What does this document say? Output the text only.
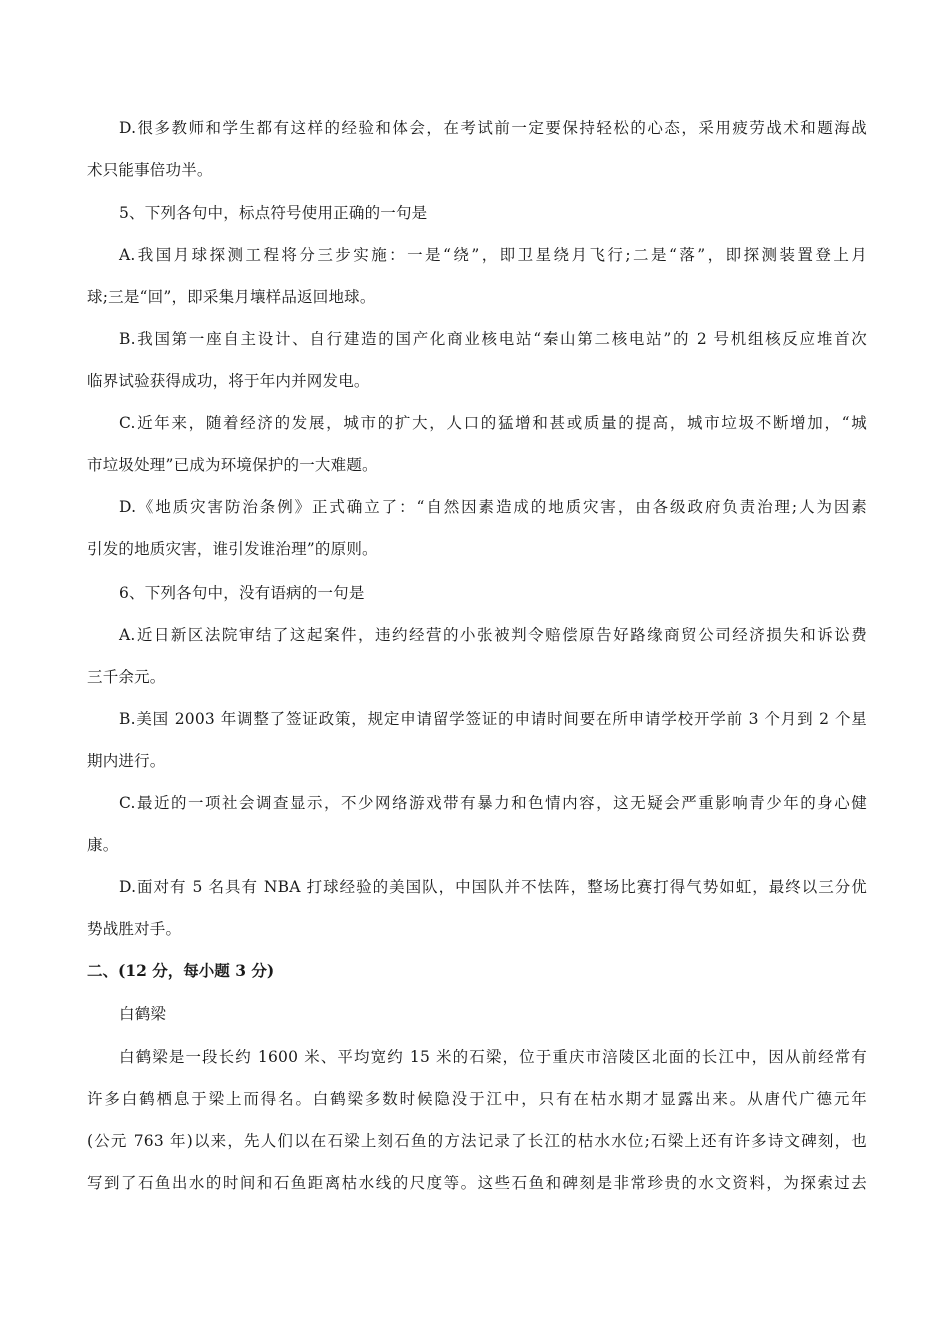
D.很多教师和学生都有这样的经验和体会，在考试前一定要保持轻松的心态，采用疲劳战术和题海战
术只能事倍功半。
5、下列各句中，标点符号使用正确的一句是
A.我国月球探测工程将分三步实施：一是“绕”，即卫星绕月飞行;二是“落”，即探测装置登上月
球;三是“回”，即采集月壤样品返回地球。
B.我国第一座自主设计、自行建造的国产化商业核电站“秦山第二核电站”的 2 号机组核反应堆首次
临界试验获得成功，将于年内并网发电。
C.近年来，随着经济的发展，城市的扩大，人口的猛增和甚或质量的提高，城市垃圾不断增加，“城
市垃圾处理”已成为环境保护的一大难题。
D.《地质灾害防治条例》正式确立了：“自然因素造成的地质灾害，由各级政府负责治理;人为因素
引发的地质灾害，谁引发谁治理”的原则。
6、下列各句中，没有语病的一句是
A.近日新区法院审结了这起案件，违约经营的小张被判令赔偿原告好路缘商贸公司经济损失和诉讼费
三千余元。
B.美国 2003 年调整了签证政策，规定申请留学签证的申请时间要在所申请学校开学前 3 个月到 2 个星
期内进行。
C.最近的一项社会调查显示，不少网络游戏带有暴力和色情内容，这无疑会严重影响青少年的身心健
康。
D.面对有 5 名具有 NBA 打球经验的美国队，中国队并不怯阵，整场比赛打得气势如虹，最终以三分优
势战胜对手。
二、(12 分，每小题 3 分)
白鹤梁
白鹤梁是一段长约 1600 米、平均宽约 15 米的石梁，位于重庆市涪陵区北面的长江中，因从前经常有
许多白鹤栖息于梁上而得名。白鹤梁多数时候隐没于江中，只有在枯水期才显露出来。从唐代广德元年
(公元 763 年)以来，先人们以在石梁上刻石鱼的方法记录了长江的枯水水位;石梁上还有许多诗文碑刻，也
写到了石鱼出水的时间和石鱼距离枯水线的尺度等。这些石鱼和碑刻是非常珍贵的水文资料，为探索过去
